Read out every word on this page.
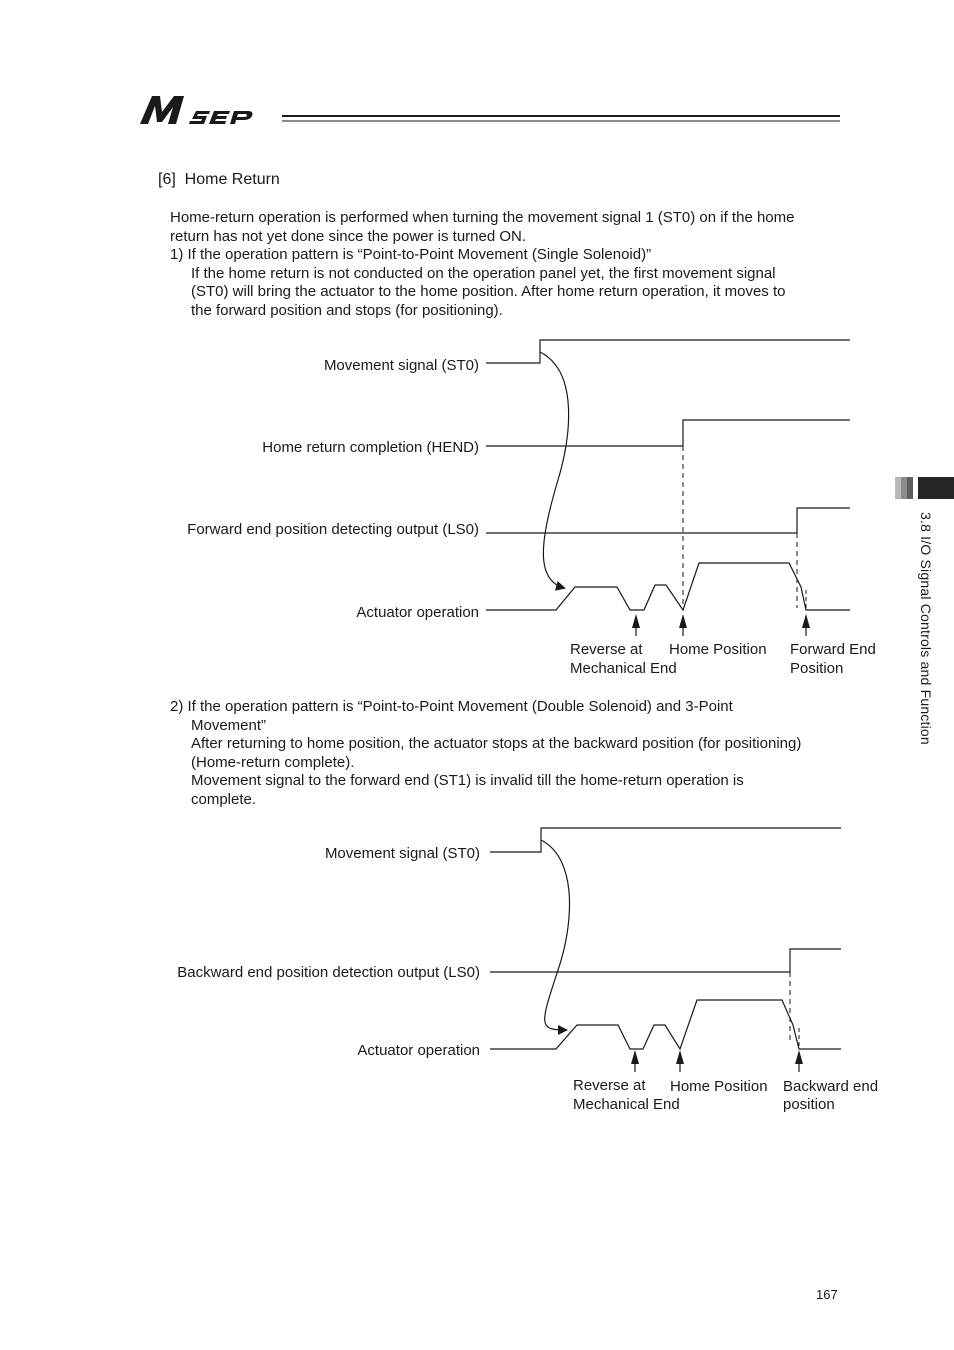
[6]  Home Return
Home-return operation is performed when turning the movement signal 1 (ST0) on if the home
return has not yet done since the power is turned ON.
1) If the operation pattern is “Point-to-Point Movement (Single Solenoid)”
If the home return is not conducted on the operation panel yet, the first movement signal
(ST0) will bring the actuator to the home position. After home return operation, it moves to
the forward position and stops (for positioning).
2) If the operation pattern is “Point-to-Point Movement (Double Solenoid) and 3-Point
Movement”
After returning to home position, the actuator stops at the backward position (for positioning)
(Home-return complete).
Movement signal to the forward end (ST1) is invalid till the home-return operation is
complete.
Movement signal (ST0)
Home return completion (HEND)
Forward end position detecting output (LS0)
Actuator operation
Reverse at
Mechanical End
Home Position Forward End
Position
Movement signal (ST0)
Backward end position detection output (LS0)
Actuator operation
Reverse at
Mechanical End
Home Position Backward end
position
3.8 I/O Signal Controls and Function
167
